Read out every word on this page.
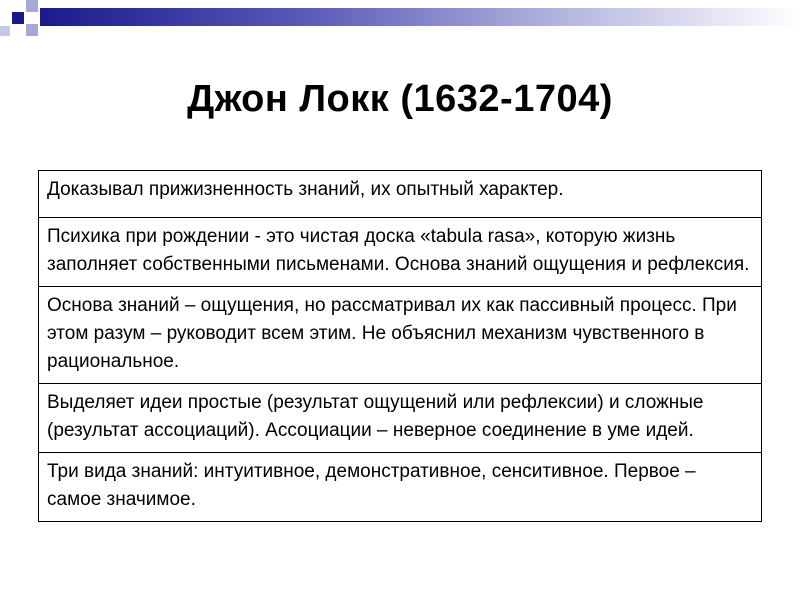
Джон Локк (1632-1704)
Доказывал прижизненность знаний, их опытный характер.
Психика при рождении - это чистая доска «tabula rasa», которую жизнь заполняет собственными письменами. Основа знаний ощущения и рефлексия.
Основа знаний – ощущения, но рассматривал их как пассивный процесс. При этом разум – руководит всем этим. Не объяснил механизм чувственного в рациональное.
Выделяет идеи простые (результат ощущений или рефлексии) и сложные (результат ассоциаций). Ассоциации – неверное соединение в уме идей.
Три вида знаний: интуитивное, демонстративное, сенситивное. Первое – самое значимое.
